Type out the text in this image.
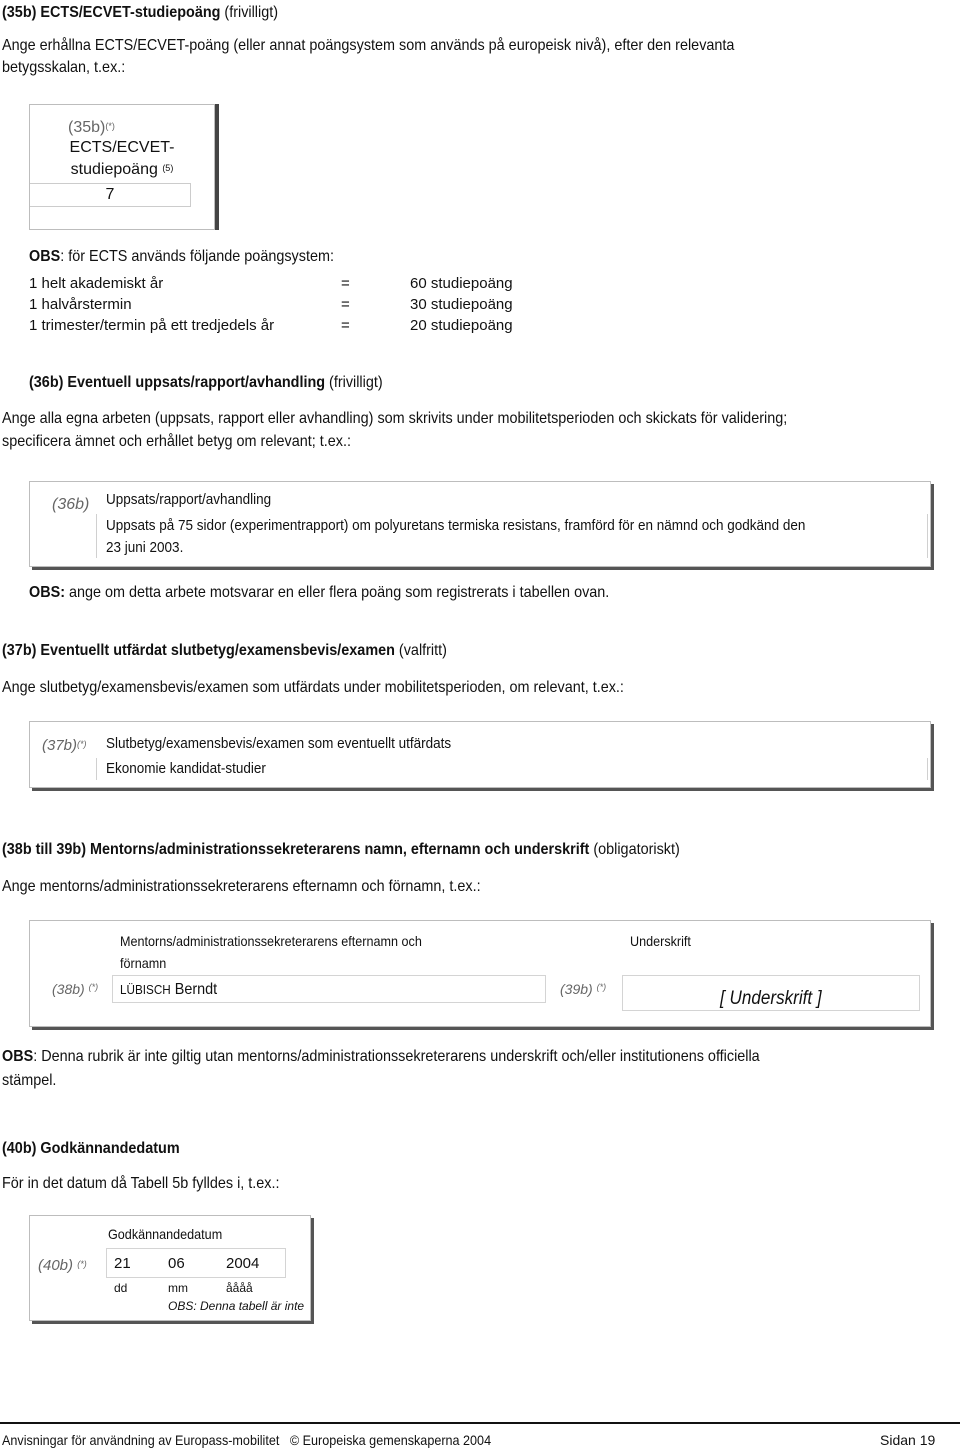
(35b) ECTS/ECVET-studiepoäng (frivilligt)
Ange erhållna ECTS/ECVET-poäng (eller annat poängsystem som används på europeisk nivå), efter den relevanta
betygsskalan, t.ex.:
(35b)(*)
ECTS/ECVET-
studiepoäng $^{(5)}$
7
OBS: för ECTS används följande poängsystem:
1 helt akademiskt år	=	60 studiepoäng
1 halvårstermin	=	30 studiepoäng
1 trimester/termin på ett tredjedels år	=	20 studiepoäng
(36b) Eventuell uppsats/rapport/avhandling (frivilligt)
Ange alla egna arbeten (uppsats, rapport eller avhandling) som skrivits under mobilitetsperioden och skickats för validering;
specificera ämnet och erhållet betyg om relevant; t.ex.:
(36b) Uppsats/rapport/avhandling
Uppsats på 75 sidor (experimentrapport) om polyuretans termiska resistans, framförd för en nämnd och godkänd den
23 juni 2003.
OBS: ange om detta arbete motsvarar en eller flera poäng som registrerats i tabellen ovan.
(37b) Eventuellt utfärdat slutbetyg/examensbevis/examen (valfritt)
Ange slutbetyg/examensbevis/examen som utfärdats under mobilitetsperioden, om relevant, t.ex.:
(37b)(*) Slutbetyg/examensbevis/examen som eventuellt utfärdats
Ekonomie kandidat-studier
(38b till 39b) Mentorns/administrationssekreterarens namn, efternamn och underskrift (obligatoriskt)
Ange mentorns/administrationssekreterarens efternamn och förnamn, t.ex.:
(38b) (*)
Mentorns/administrationssekreterarens efternamn och
förnamn
LÜBISCH Berndt	(39b) (*)
Underskrift
[ Underskrift ]
OBS: Denna rubrik är inte giltig utan mentorns/administrationssekreterarens underskrift och/eller institutionens officiella
stämpel.
(40b) Godkännandedatum
För in det datum då Tabell 5b fylldes i, t.ex.:
(40b) (*)
Godkännandedatum
21 06	2004
dd	mm	åååå
OBS: Denna tabell är inte
Anvisningar för användning av Europass-mobilitet © Europeiska gemenskaperna 2004	Sidan 19
